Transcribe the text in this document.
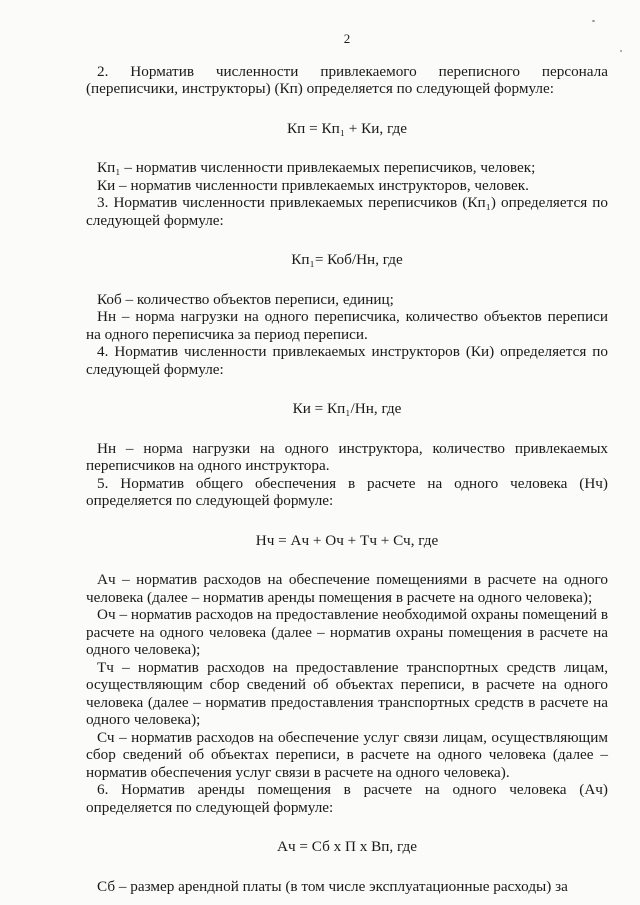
2

2. Норматив численности привлекаемого переписного персонала (переписчики, инструкторы) (Кп) определяется по следующей формуле:

Кп = Кп₁ + Ки, где

Кп₁ – норматив численности привлекаемых переписчиков, человек;

Ки – норматив численности привлекаемых инструкторов, человек.

3. Норматив численности привлекаемых переписчиков (Кп₁) определяется по следующей формуле:

Кп₁= Коб/Нн, где

Коб – количество объектов переписи, единиц;

Нн – норма нагрузки на одного переписчика, количество объектов переписи на одного переписчика за период переписи.

4. Норматив численности привлекаемых инструкторов (Ки) определяется по следующей формуле:

Ки = Кп₁/Нн, где

Нн – норма нагрузки на одного инструктора, количество привлекаемых переписчиков на одного инструктора.

5. Норматив общего обеспечения в расчете на одного человека (Нч) определяется по следующей формуле:

Нч = Ач + Оч + Тч + Сч, где

Ач – норматив расходов на обеспечение помещениями в расчете на одного человека (далее – норматив аренды помещения в расчете на одного человека);

Оч – норматив расходов на предоставление необходимой охраны помещений в расчете на одного человека (далее – норматив охраны помещения в расчете на одного человека);

Тч – норматив расходов на предоставление транспортных средств лицам, осуществляющим сбор сведений об объектах переписи, в расчете на одного человека (далее – норматив предоставления транспортных средств в расчете на одного человека);

Сч – норматив расходов на обеспечение услуг связи лицам, осуществляющим сбор сведений об объектах переписи, в расчете на одного человека (далее – норматив обеспечения услуг связи в расчете на одного человека).

6. Норматив аренды помещения в расчете на одного человека (Ач) определяется по следующей формуле:

Ач = Сб х П х Вп, где

Сб – размер арендной платы (в том числе эксплуатационные расходы) за
